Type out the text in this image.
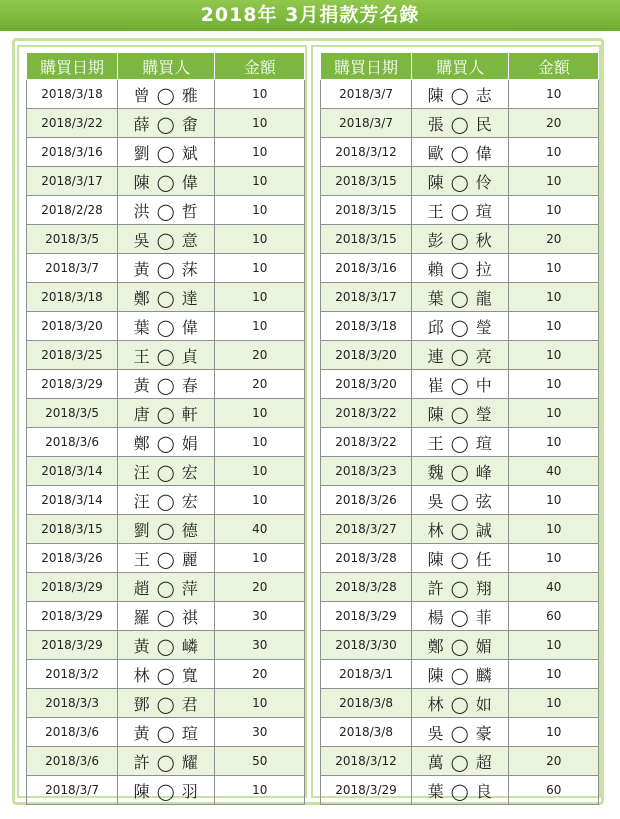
2018年 3月捐款芳名錄
購買日期	購買人	金額
2018/3/18	曾 ◯ 雅	10
2018/3/22	薛 ◯ 畬	10
2018/3/16	劉 ◯ 斌	10
2018/3/17	陳 ◯ 偉	10
2018/2/28	洪 ◯ 哲	10
2018/3/5	吳 ◯ 意	10
2018/3/7	黃 ◯ 莯	10
2018/3/18	鄭 ◯ 達	10
2018/3/20	葉 ◯ 偉	10
2018/3/25	王 ◯ 貞	20
2018/3/29	黃 ◯ 春	20
2018/3/5	唐 ◯ 軒	10
2018/3/6	鄭 ◯ 娟	10
2018/3/14	汪 ◯ 宏	10
2018/3/14	汪 ◯ 宏	10
2018/3/15	劉 ◯ 德	40
2018/3/26	王 ◯ 麗	10
2018/3/29	趙 ◯ 萍	20
2018/3/29	羅 ◯ 祺	30
2018/3/29	黃 ◯ 嶙	30
2018/3/2	林 ◯ 寬	20
2018/3/3	鄧 ◯ 君	10
2018/3/6	黃 ◯ 瑄	30
2018/3/6	許 ◯ 耀	50
2018/3/7	陳 ◯ 羽	10
購買日期	購買人	金額
2018/3/7	陳 ◯ 志	10
2018/3/7	張 ◯ 民	20
2018/3/12	歐 ◯ 偉	10
2018/3/15	陳 ◯ 伶	10
2018/3/15	王 ◯ 瑄	10
2018/3/15	彭 ◯ 秋	20
2018/3/16	賴 ◯ 拉	10
2018/3/17	葉 ◯ 龍	10
2018/3/18	邱 ◯ 瑩	10
2018/3/20	連 ◯ 亮	10
2018/3/20	崔 ◯ 中	10
2018/3/22	陳 ◯ 瑩	10
2018/3/22	王 ◯ 瑄	10
2018/3/23	魏 ◯ 峰	40
2018/3/26	吳 ◯ 弦	10
2018/3/27	林 ◯ 誠	10
2018/3/28	陳 ◯ 任	10
2018/3/28	許 ◯ 翔	40
2018/3/29	楊 ◯ 菲	60
2018/3/30	鄭 ◯ 媚	10
2018/3/1	陳 ◯ 麟	10
2018/3/8	林 ◯ 如	10
2018/3/8	吳 ◯ 豪	10
2018/3/12	萬 ◯ 超	20
2018/3/29	葉 ◯ 良	60
